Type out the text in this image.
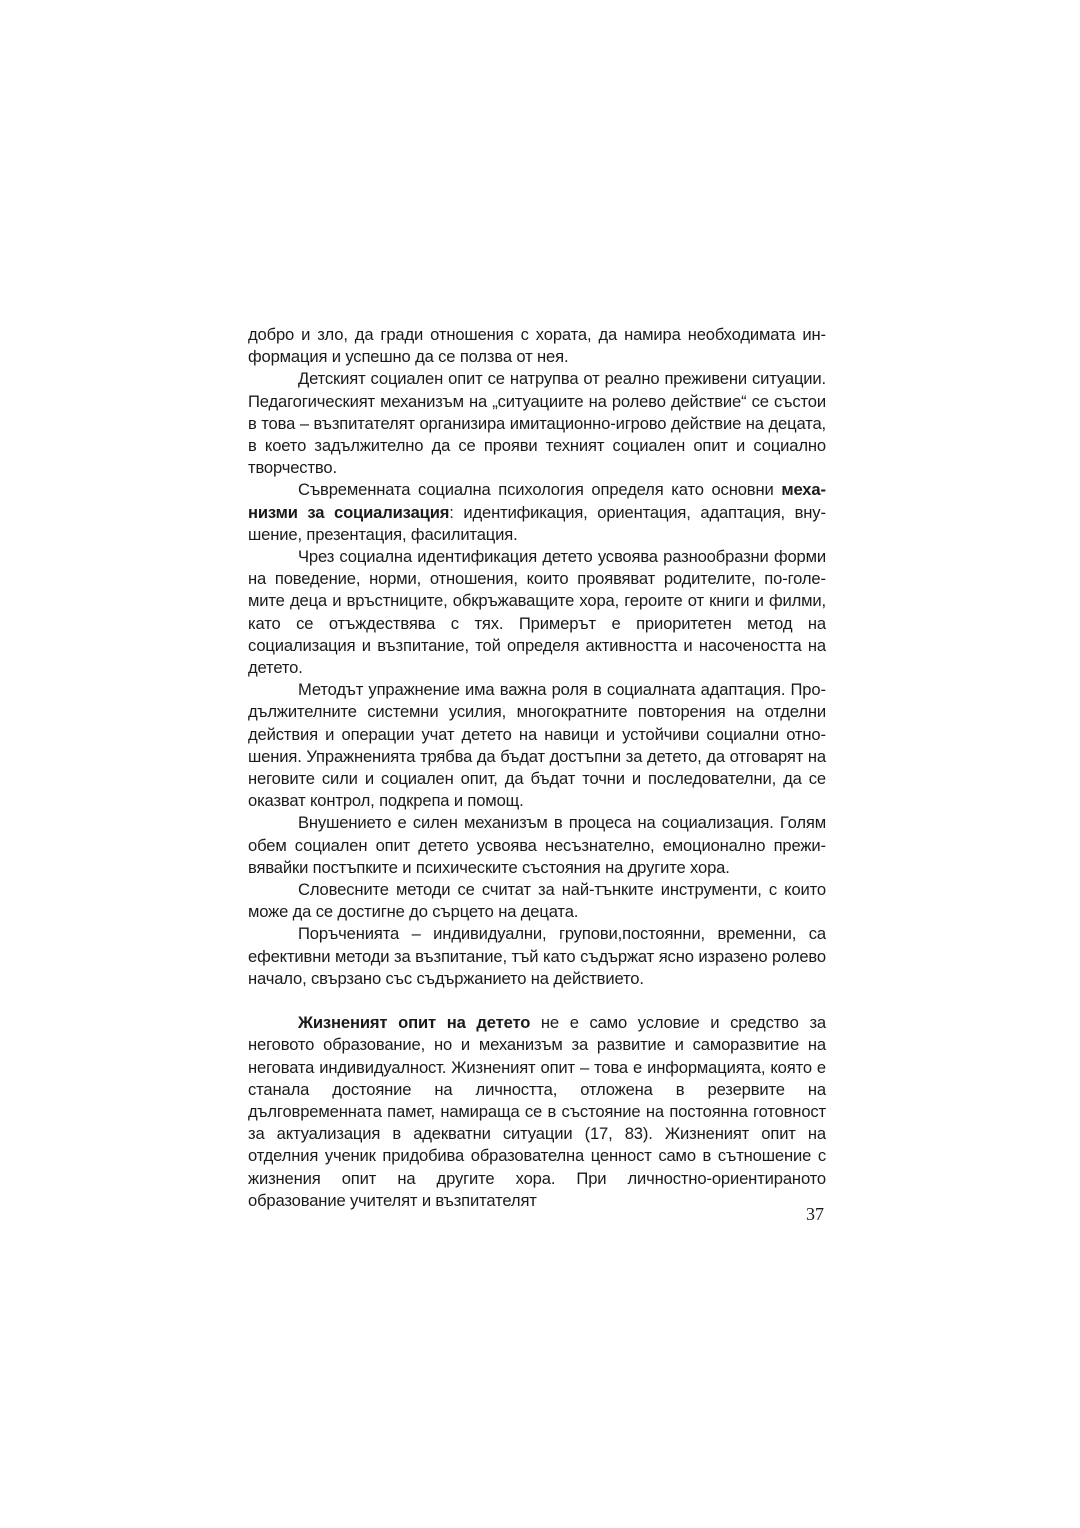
добро и зло, да гради отношения с хората, да намира необходимата информация и успешно да се ползва от нея.

Детският социален опит се натрупва от реално преживени ситуации. Педагогическият механизъм на „ситуациите на ролево действие“ се състои в това – възпитателят организира имитационно-игрово действие на децата, в което задължително да се прояви техният социален опит и социално творчество.

Съвременната социална психология определя като основни механизми за социализация: идентификация, ориентация, адаптация, внушение, презентация, фасилитация.

Чрез социална идентификация детето усвоява разнообразни форми на поведение, норми, отношения, които проявяват родителите, по-големите деца и връстниците, обкръжаващите хора, героите от книги и филми, като се отъждествява с тях. Примерът е приоритетен метод на социализация и възпитание, той определя активността и насочеността на детето.

Методът упражнение има важна роля в социалната адаптация. Продължителните системни усилия, многократните повторения на отделни действия и операции учат детето на навици и устойчиви социални отношения. Упражненията трябва да бъдат достъпни за детето, да отговарят на неговите сили и социален опит, да бъдат точни и последователни, да се оказват контрол, подкрепа и помощ.

Внушението е силен механизъм в процеса на социализация. Голям обем социален опит детето усвоява несъзнателно, емоционално преживявайки постъпките и психическите състояния на другите хора.

Словесните методи се считат за най-тънките инструменти, с които може да се достигне до сърцето на децата.

Поръченията – индивидуални, групови,постоянни, временни, са ефективни методи за възпитание, тъй като съдържат ясно изразено ролево начало, свързано със съдържанието на действието.

Жизненият опит на детето не е само условие и средство за неговото образование, но и механизъм за развитие и саморазвитие на неговата индивидуалност. Жизненият опит – това е информацията, която е станала достояние на личността, отложена в резервите на дълговременната памет, намираща се в състояние на постоянна готовност за актуализация в адекватни ситуации (17, 83). Жизненият опит на отделния ученик придобива образователна ценност само в сътношение с жизнения опит на другите хора. При личностно-ориентираното образование учителят и възпитателят

37
